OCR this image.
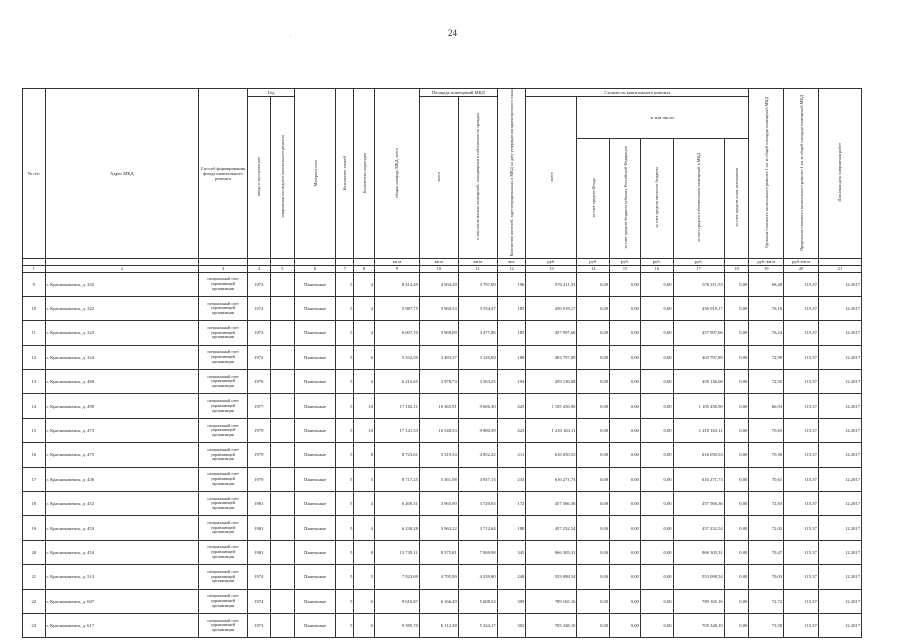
24
.
№ п/п	Адрес МКД	Способ формирования фонда капитального ремонта	Год		Материал стен	Количество этажей	Количество подъездов	общая площадь МКД, всего	Площадь помещений МКД		Количество жителей, зарегистрированных в МКД на дату утверждения краткосрочного плана	Стоимость капитального ремонта						Удельная стоимость капитального ремонта 1 кв. м общей площади помещений МКД	Предельная стоимость капитального ремонта 1 кв. м общей площади помещений МКД	Плановая дата завершения работ
			ввода в эксплуатацию	завершения последнего капитального ремонта					всего	в том числе жилых помещений, находящихся в собственности граждан		всего	в том числе:							
													за счет средств Фонда	за счет средств бюджета субъекта Российской Федерации	за счет средств местного бюджета	за счет средств собственников помещений в МКД	за счет средств иных источников			
								кв.м	кв.м	кв.м	чел.	руб.	руб.	руб.	руб.	руб.		руб./кв.м	руб./кв.м	
1	2	3	4	5	6	7	8	9	10	11	12	13	14	15	16	17	18	19	20	21
9	г. Краснокаменск, д. 332	специальный счет управляющей организации	1973		Панельные	5	4	8 414,49	4 094,29	3 797,09	196	576 211,53	0,00	0,00	0,00	576 211,53	0,00	68,48	115,37	12.2017
10	г. Краснокаменск, д. 322	специальный счет управляющей организации	1972		Панельные	5	4	5 987,75	3 960,33	3 554,47	185	456 018,17	0,00	0,00	0,00	456 018,17	0,00	76,16	115,37	12.2017
11	г. Краснокаменск, д. 323	специальный счет управляющей организации	1973		Панельные	5	4	6 007,10	3 969,09	3 477,86	185	457 997,66	0,00	0,00	0,00	457 997,66	0,00	76,24	115,37	12.2017
12	г. Краснокаменск, д. 324	специальный счет управляющей организации	1972		Панельные	5	6	5 532,59	3 483,37	3 120,09	188	403 797,89	0,00	0,00	0,00	403 797,89	0,00	72,99	115,37	12.2017
13	г. Краснокаменск, д. 460	специальный счет управляющей организации	1976		Панельные	5	4	6 215,65	3 978,73	3 563,25	194	459 136,68	0,00	0,00	0,00	459 136,68	0,00	72,95	115,37	12.2017
14	г. Краснокаменск, д. 499	специальный счет управляющей организации	1977		Панельные	5	10	17 102,11	10 365,91	9 606,30	425	1 105 456,90	0,00	0,00	0,00	1 105 456,90	0,00	66,93	115,37	12.2017
15	г. Краснокаменск, д. 473	специальный счет управляющей организации	1979		Панельные	5	10	17 141,53	10 540,53	9 980,39	423	1 210 163,11	0,00	0,00	0,00	1 210 163,11	0,00	70,65	115,37	12.2017
16	г. Краснокаменск, д. 475	специальный счет управляющей организации	1979		Панельные	5	8	8 723,61	5 319,54	4 852,22	211	616 050,53	0,00	0,00	0,00	616 050,53	0,00	70,30	115,37	12.2017
17	г. Краснокаменск, д. 436	специальный счет управляющей организации	1979		Панельные	5	5	8 717,25	5 361,08	4 957,13	233	616 271,73	0,00	0,00	0,00	616 271,73	0,00	70,61	115,37	12.2017
18	г. Краснокаменск, д. 452	специальный счет управляющей организации	1981		Панельные	5	4	6 200,31	3 965,90	3 720,65	172	457 566,36	0,00	0,00	0,00	457 566,36	0,00	72,83	115,37	12.2017
19	г. Краснокаменск, д. 453	специальный счет управляющей организации	1981		Панельные	5	4	6 238,28	3 963,22	3 712,64	188	457 232,54	0,00	0,00	0,00	457 232,54	0,00	72,02	115,37	12.2017
20	г. Краснокаменск, д. 454	специальный счет управляющей организации	1981		Панельные	5	8	13 739,11	8 375,81	7 969,98	345	966 305,31	0,00	0,00	0,00	966 305,31	0,00	70,47	115,37	12.2017
21	г. Краснокаменск, д. 513	специальный счет управляющей организации	1974		Панельные	5	5	7 923,69	4 795,99	4 239,80	248	553 098,54	0,00	0,00	0,00	553 098,54	0,00	70,03	115,37	12.2017
22	г. Краснокаменск, д. 607	специальный счет управляющей организации	1974		Панельные	5	6	9 616,87	6 166,49	5 608,54	309	789 165,16	0,00	0,00	0,00	789 165,16	0,00	72,72	115,37	12.2017
23	г. Краснокаменск, д. 617	специальный счет управляющей организации	1973		Панельные	5	6	9 585,70	6 112,38	5 324,17	302	705 348,10	0,00	0,00	0,00	705 348,10	0,00	73,58	115,37	12.2017
